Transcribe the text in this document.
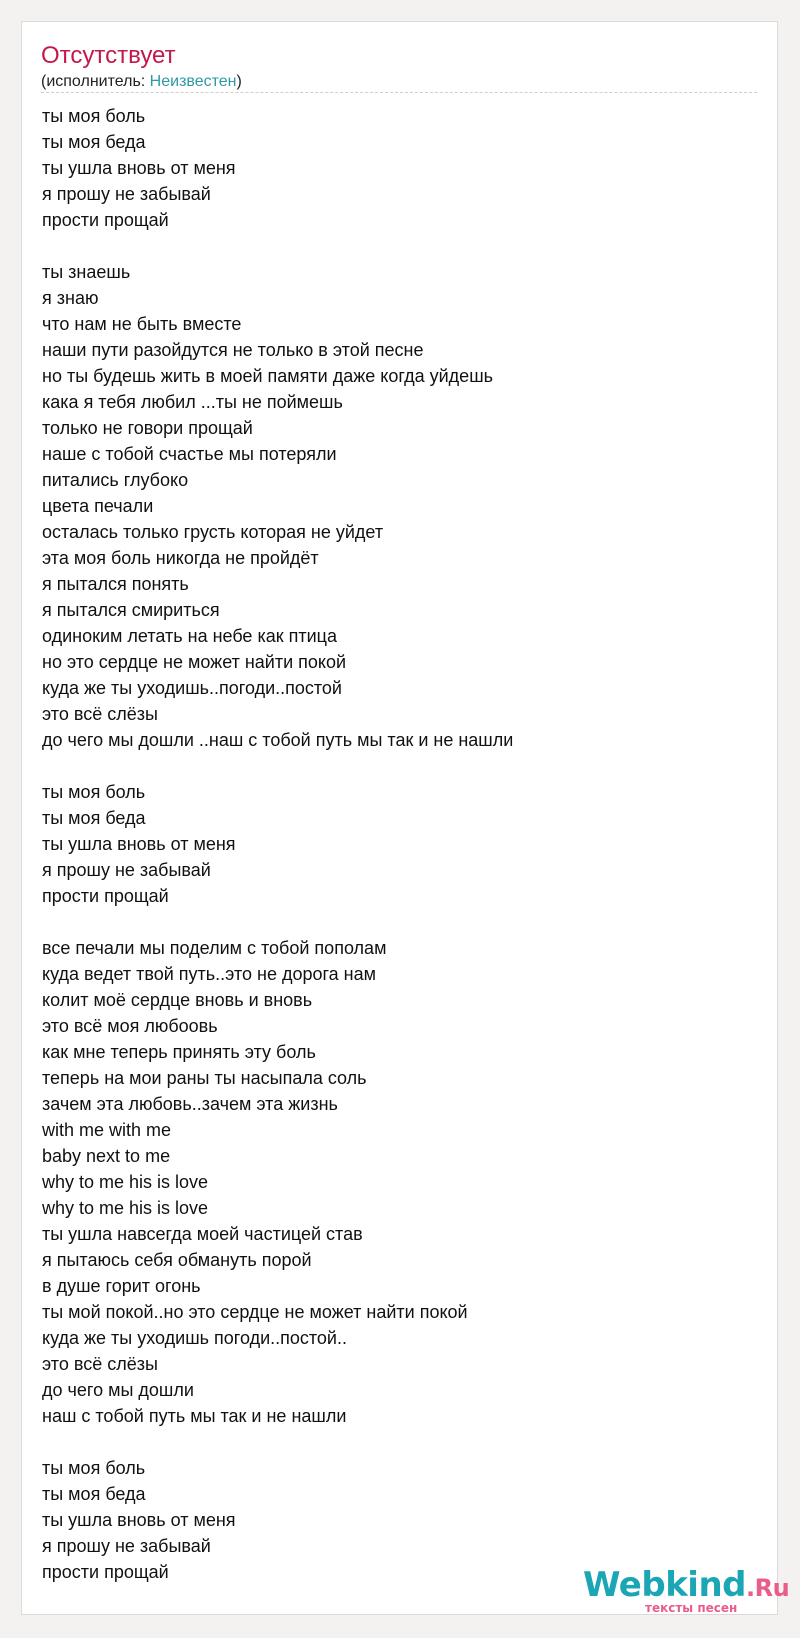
Отсутствует
(исполнитель: Неизвестен)
ты моя боль
ты моя беда
ты ушла вновь от меня
я прошу не забывай
прости прощай
ты знаешь
я знаю
что нам не быть вместе
наши пути разойдутся не только в этой песне
но ты будешь жить в моей памяти даже когда уйдешь
кака я тебя любил ...ты не поймешь
только не говори прощай
наше с тобой счастье мы потеряли
питались глубоко
цвета печали
осталась только грусть которая не уйдет
эта моя боль никогда не пройдёт
я пытался понять
я пытался смириться
одиноким летать на небе как птица
но это сердце не может найти покой
куда же ты уходишь..погоди..постой
это всё слёзы
до чего мы дошли ..наш с тобой путь мы так и не нашли
ты моя боль
ты моя беда
ты ушла вновь от меня
я прошу не забывай
прости прощай
все печали мы поделим с тобой пополам
куда ведет твой путь..это не дорога нам
колит моё сердце вновь и вновь
это всё моя любоовь
как мне теперь принять эту боль
теперь на мои раны ты насыпала соль
зачем эта любовь..зачем эта жизнь
with me with me
baby next to me
why to me his is love
why to me his is love
ты ушла навсегда моей частицей став
я пытаюсь себя обмануть порой
в душе горит огонь
ты мой покой..но это сердце не может найти покой
куда же ты уходишь погоди..постой..
это всё слёзы
до чего мы дошли
наш с тобой путь мы так и не нашли
ты моя боль
ты моя беда
ты ушла вновь от меня
я прошу не забывай
прости прощай	Webkind.Ru
тексты песен
